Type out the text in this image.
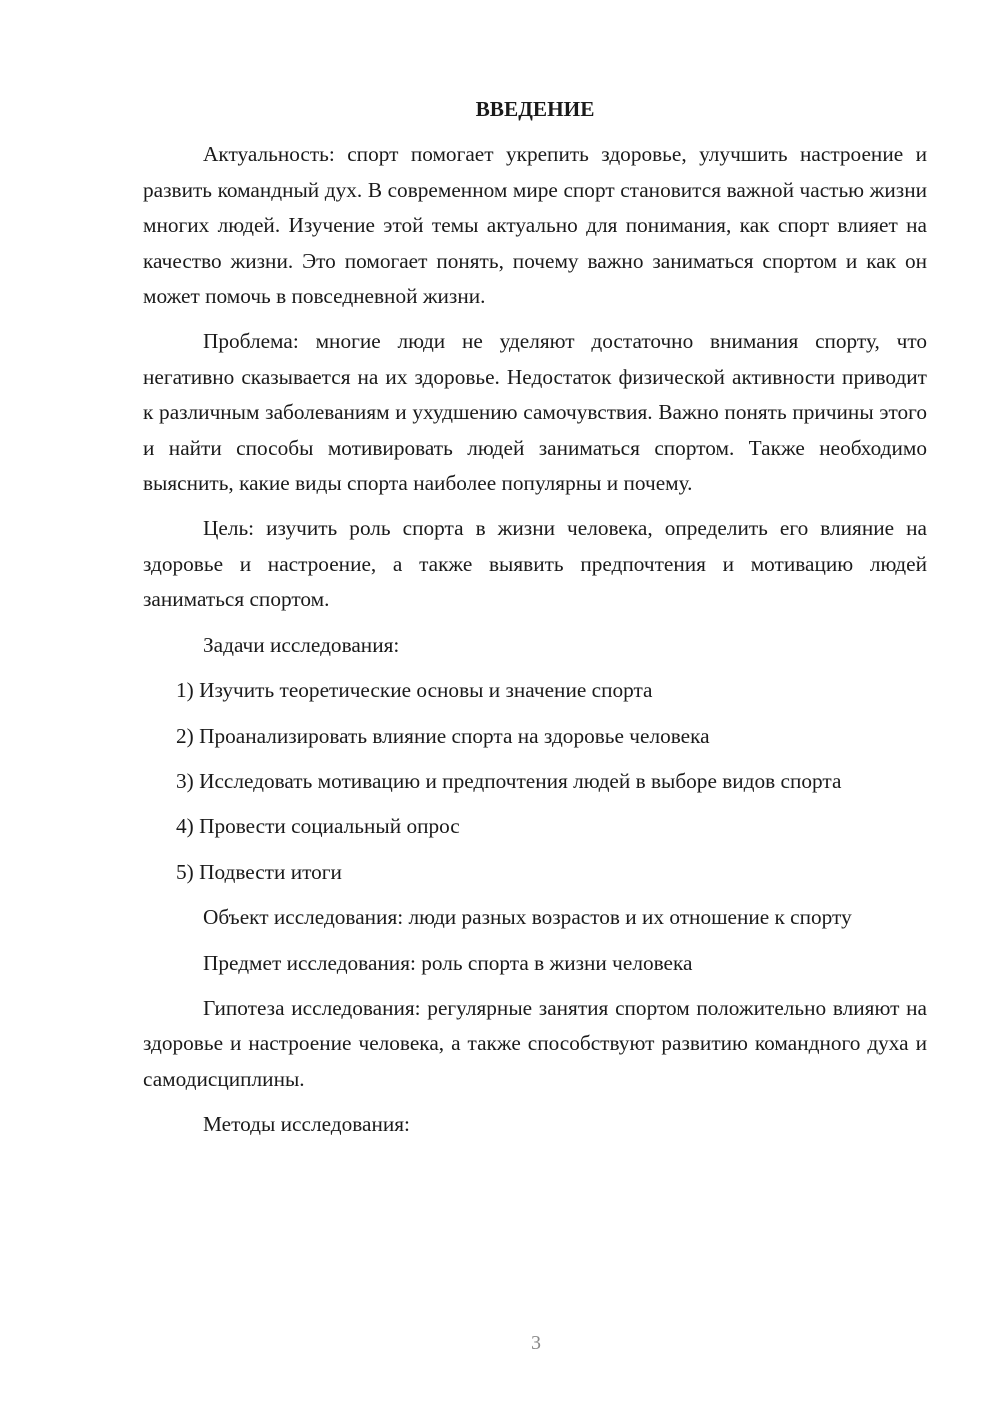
ВВЕДЕНИЕ
Актуальность: спорт помогает укрепить здоровье, улучшить настроение и развить командный дух. В современном мире спорт становится важной частью жизни многих людей. Изучение этой темы актуально для понимания, как спорт влияет на качество жизни. Это помогает понять, почему важно заниматься спортом и как он может помочь в повседневной жизни.
Проблема: многие люди не уделяют достаточно внимания спорту, что негативно сказывается на их здоровье. Недостаток физической активности приводит к различным заболеваниям и ухудшению самочувствия. Важно понять причины этого и найти способы мотивировать людей заниматься спортом. Также необходимо выяснить, какие виды спорта наиболее популярны и почему.
Цель: изучить роль спорта в жизни человека, определить его влияние на здоровье и настроение, а также выявить предпочтения и мотивацию людей заниматься спортом.
Задачи исследования:
1) Изучить теоретические основы и значение спорта
2) Проанализировать влияние спорта на здоровье человека
3) Исследовать мотивацию и предпочтения людей в выборе видов спорта
4) Провести социальный опрос
5) Подвести итоги
Объект исследования: люди разных возрастов и их отношение к спорту
Предмет исследования: роль спорта в жизни человека
Гипотеза исследования: регулярные занятия спортом положительно влияют на здоровье и настроение человека, а также способствуют развитию командного духа и самодисциплины.
Методы исследования:
3
